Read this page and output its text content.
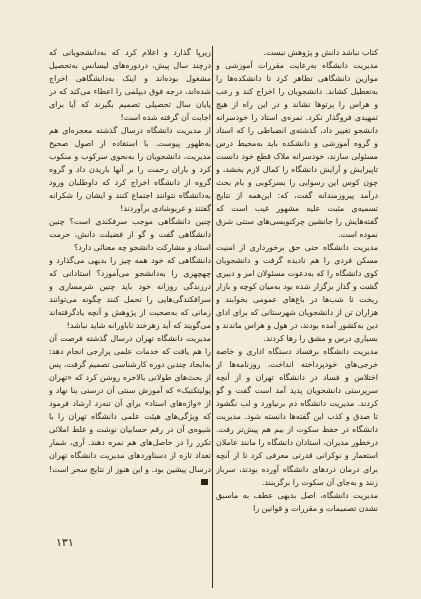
کتاب نباشد دانش و پژوهش نیست.

مدیریت دانشگاه به‌رعایت مقررات آموزشی و موازین دانشگاهی تظاهر کرد تا دانشکده‌ها را به‌تعطیل کشاند. دانشجویان را اخراج کند و رعب و هراس را پرتوها نشاند و در این راه از هیچ تمهیدی فروگذار نکرد. نمره‌ی استاد را خودسرانه دانشجو تغییر داد، گذشته‌ی انضباطی را که استاد و گروه آموزشی و دانشکده باید به‌محیط درس مسئولی سازند، خودسرانه ملاک قطع خود دانست تاپیرایش و آرایش دانشگاه را کمال لازم بخشد، و چون کوس این رسوایی را بسرکوبی و بام بحث درآمد پیروزمندانه گفت، که: این‌همه از نتایج تسمیه‌ی مثبت علیه مشهور غیب است که گفته‌هایش را جانشین چرکنویسی‌های سنتی شرق نموده است.

مدیریت دانشگاه حتی حق برخورداری از امنیت مسکن فردی را هم نادیده گرفت و دانشجویان کوی دانشگاه را که به‌دعوت مسئولان امر و دبیری گشت و گذار برگزار شده بود به‌میان کوچه و بازار ریخت تا شب‌ها در باغ‌های عمومی بخوابند و هزاران تن از دانشجویان شهرستانی که برای ادای دین به‌کشور آمده بودند، در هول و هراس ماندند و بسیاری درس و مشق را رها کردند.

مدیریت دانشگاه برفساد دستگاه اداری و خاصه خرجی‌های خودپرداخته انداخت، روزنامه‌ها از اختلاس و فساد در دانشگاه تهران و از آنچه سرپرستی دانشجویان پدید آمد است گفت و گو کردند. مدیریت دانشگاه دم برنیاورد و لب نگشود تا صدق و کذب این گفته‌ها دانسته شود. مدیریت دانشگاه در حفظ سکوت از بیم هم پیش‌تر رفت. درخطور مدیران، استادان دانشگاه را مانند عاملان استعمار و نوکرانی قدرتی معرفی کرد تا از آنچه برای درمان دردهای دانشگاه آورده بودند، سرباز زنند و به‌جای آن سکوت را برگزینند.

مدیریت دانشگاه، اصل بدیهی عطف به ماسبق نشدن تصمیمات و مقررات و قوانین را

زیرپا گذارد و اعلام کرد که به‌دانشجویانی که درچند سال پیش، دردوره‌های لیسانس به‌تحصیل مشغول بوده‌اند و اینک به‌دانشگاهی اخراج شده‌اند، درجه فوق دیپلمی را اعطاء می‌کند که در پایان سال تحصیلی تصمیم بگیرند که آیا برای اجابت آن گرفته شده است!

از مدیریت دانشگاه درسال گذشته معجزه‌ای هم به‌ظهور پیوست. با استفاده از اصول صحیح مدیریت، دانشجویان را به‌نحوی سرکوب و منکوب کرد و باران رحمت را بر آنها باریدن داد و گروه گروه از دانشگاه اخراج کرد که داوطلبان ورود به‌دانشگاه نتوانند اجتماع کنند و ایشان را شکرانه گفتند و غریوشادی برآوردند!

چنین دانشگاهی موجب سرفکندی است؟ چنین دانشگاهی گفت و گو از فضیلت دانش، حرمت استاد و مشارکت دانشجو چه معنائی دارد؟

دانشگاهی که خود همه چیز را بدیهی می‌گذارد و چهچهزی را به‌دانشجو می‌آموزد؟ استادانی که درزندگی روزانه خود باید چنین شرمساری و سرافکندگی‌هایی را تحمل کنند چگونه می‌توانند زمانی که به‌صحبت از پژوهش و آنچه یادگرفته‌اند می‌گویند که آید زهرخند ناباورانه شاید نباشد!

مدیریت دانشگاه تهران درسال گذشته فرصت آن را هم یافت که خدمات علمی پرارجی انجام دهد: به‌ایجاد چندین دوره کارشناسی تصمیم گرفت، پس از بحث‌های طولانی بالاخره روشن کرد که «تهران پولیتکنیک» که آموزش سنتی آن درستی بنا نهاد و از «واژه‌های استاد» برای آن تنه‌زد ارشاد فرمود که ویژگی‌های هیئت علمی دانشگاه تهران را با شیوه‌ی آن در رقم حسابیان نوشت و غلط املائی تکرر را در حاصل‌های هم نمره دهند. آری، شمار تعداد تازه از دستاوردهای مدیریت دانشگاه تهران درسال پیشین بود. و این هنوز از نتایج سحر است!

۱۳۱
